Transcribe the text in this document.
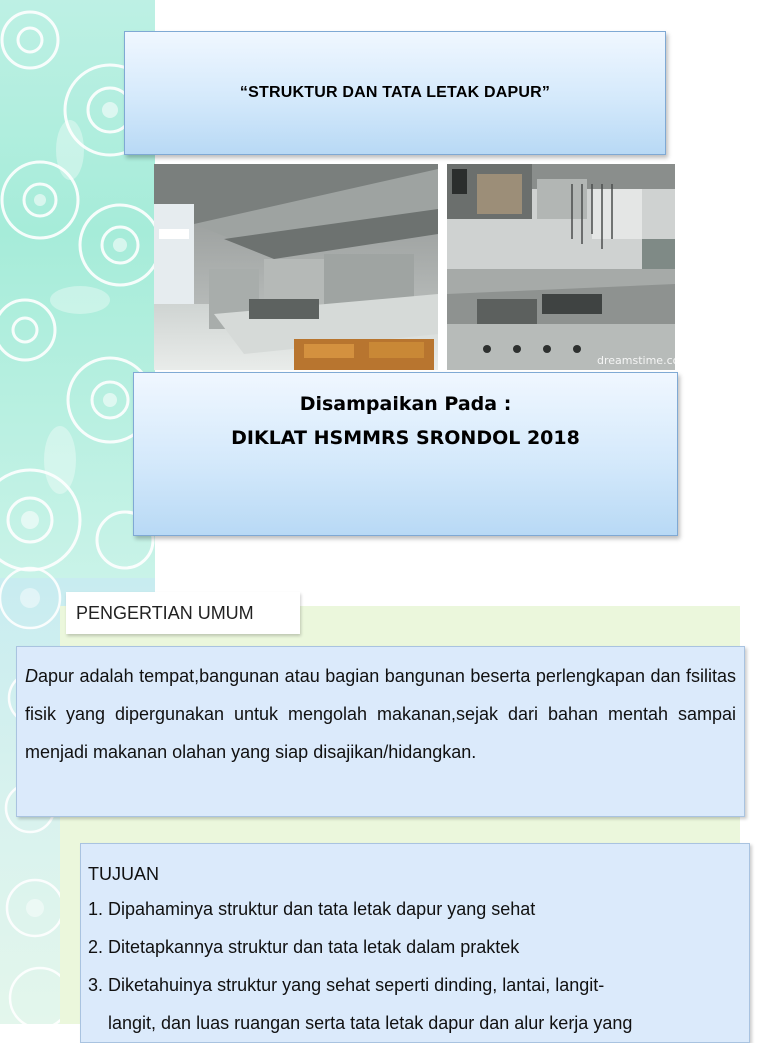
“STRUKTUR DAN TATA LETAK DAPUR”
dreamstime.com
Disampaikan Pada :
DIKLAT HSMMRS SRONDOL 2018
PENGERTIAN UMUM

Dapur adalah tempat,bangunan atau bagian bangunan beserta perlengkapan dan fsilitas fisik yang dipergunakan untuk mengolah makanan,sejak dari bahan mentah sampai menjadi makanan olahan yang siap disajikan/hidangkan.

TUJUAN
1. Dipahaminya struktur dan tata letak dapur yang sehat
2. Ditetapkannya struktur dan tata letak dalam praktek
3. Diketahuinya struktur yang sehat seperti dinding, lantai, langit-
langit, dan luas ruangan serta tata letak dapur dan alur kerja yang
